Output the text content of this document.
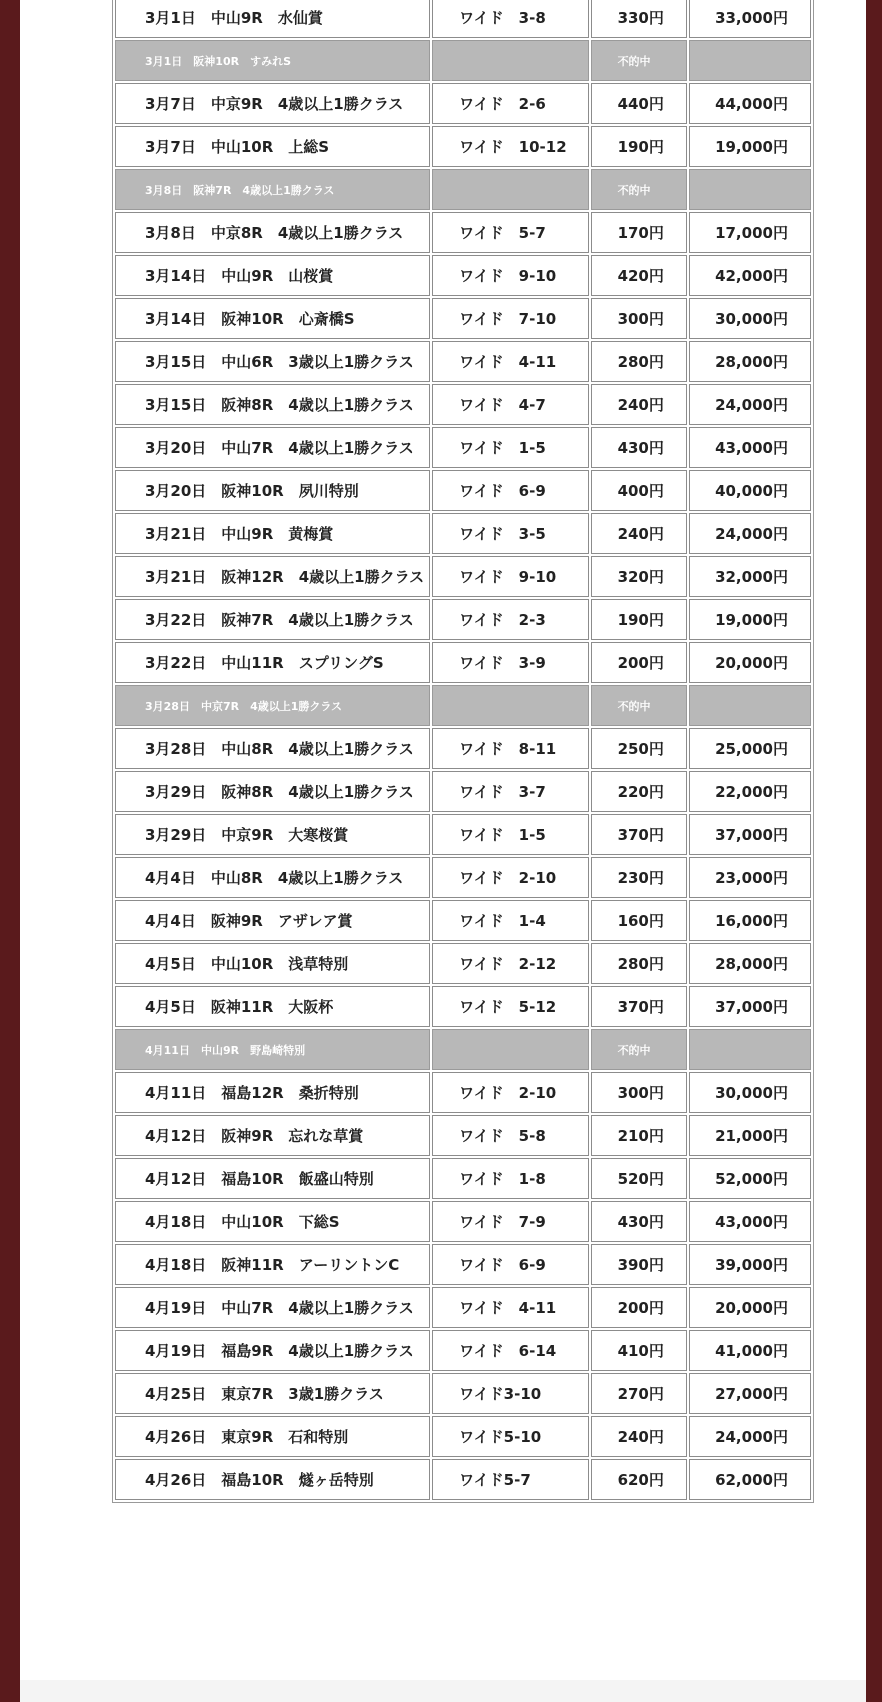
3月1日　中山9R　水仙賞	ワイド　3-8	330円	33,000円
3月1日　阪神10R　すみれS		不的中	
3月7日　中京9R　4歳以上1勝クラス	ワイド　2-6	440円	44,000円
3月7日　中山10R　上総S	ワイド　10-12	190円	19,000円
3月8日　阪神7R　4歳以上1勝クラス		不的中	
3月8日　中京8R　4歳以上1勝クラス	ワイド　5-7	170円	17,000円
3月14日　中山9R　山桜賞	ワイド　9-10	420円	42,000円
3月14日　阪神10R　心斎橋S	ワイド　7-10	300円	30,000円
3月15日　中山6R　3歳以上1勝クラス	ワイド　4-11	280円	28,000円
3月15日　阪神8R　4歳以上1勝クラス	ワイド　4-7	240円	24,000円
3月20日　中山7R　4歳以上1勝クラス	ワイド　1-5	430円	43,000円
3月20日　阪神10R　夙川特別	ワイド　6-9	400円	40,000円
3月21日　中山9R　黄梅賞	ワイド　3-5	240円	24,000円
3月21日　阪神12R　4歳以上1勝クラス	ワイド　9-10	320円	32,000円
3月22日　阪神7R　4歳以上1勝クラス	ワイド　2-3	190円	19,000円
3月22日　中山11R　スプリングS	ワイド　3-9	200円	20,000円
3月28日　中京7R　4歳以上1勝クラス		不的中	
3月28日　中山8R　4歳以上1勝クラス	ワイド　8-11	250円	25,000円
3月29日　阪神8R　4歳以上1勝クラス	ワイド　3-7	220円	22,000円
3月29日　中京9R　大寒桜賞	ワイド　1-5	370円	37,000円
4月4日　中山8R　4歳以上1勝クラス	ワイド　2-10	230円	23,000円
4月4日　阪神9R　アザレア賞	ワイド　1-4	160円	16,000円
4月5日　中山10R　浅草特別	ワイド　2-12	280円	28,000円
4月5日　阪神11R　大阪杯	ワイド　5-12	370円	37,000円
4月11日　中山9R　野島崎特別		不的中	
4月11日　福島12R　桑折特別	ワイド　2-10	300円	30,000円
4月12日　阪神9R　忘れな草賞	ワイド　5-8	210円	21,000円
4月12日　福島10R　飯盛山特別	ワイド　1-8	520円	52,000円
4月18日　中山10R　下総S	ワイド　7-9	430円	43,000円
4月18日　阪神11R　アーリントンC	ワイド　6-9	390円	39,000円
4月19日　中山7R　4歳以上1勝クラス	ワイド　4-11	200円	20,000円
4月19日　福島9R　4歳以上1勝クラス	ワイド　6-14	410円	41,000円
4月25日　東京7R　3歳1勝クラス	ワイド3-10	270円	27,000円
4月26日　東京9R　石和特別	ワイド5-10	240円	24,000円
4月26日　福島10R　燧ヶ岳特別	ワイド5-7	620円	62,000円
